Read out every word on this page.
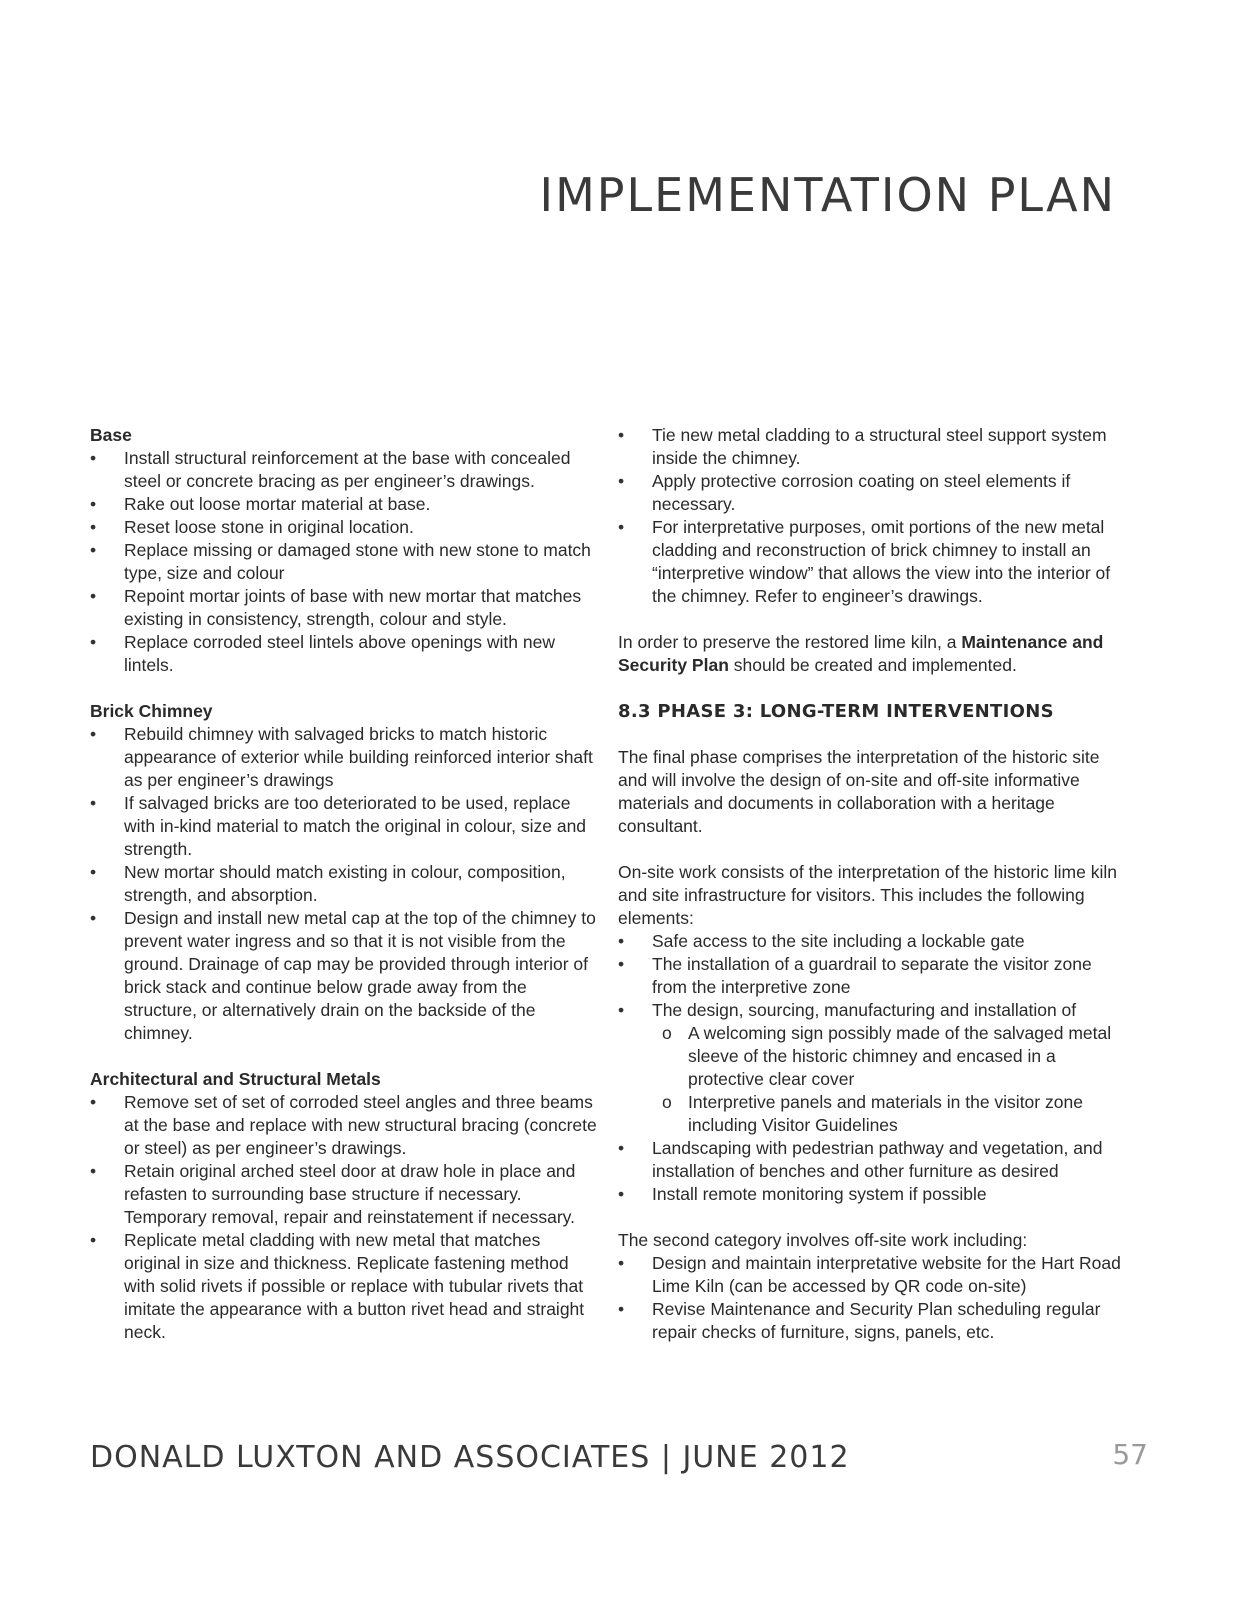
IMPLEMENTATION PLAN

Base

• Install structural reinforcement at the base with concealed steel or concrete bracing as per engineer’s drawings.
• Rake out loose mortar material at base.
• Reset loose stone in original location.
• Replace missing or damaged stone with new stone to match type, size and colour
• Repoint mortar joints of base with new mortar that matches existing in consistency, strength, colour and style.
• Replace corroded steel lintels above openings with new lintels.

Brick Chimney

• Rebuild chimney with salvaged bricks to match historic appearance of exterior while building reinforced interior shaft as per engineer’s drawings
• If salvaged bricks are too deteriorated to be used, replace with in-kind material to match the original in colour, size and strength.
• New mortar should match existing in colour, composition, strength, and absorption.
• Design and install new metal cap at the top of the chimney to prevent water ingress and so that it is not visible from the ground. Drainage of cap may be provided through interior of brick stack and continue below grade away from the structure, or alternatively drain on the backside of the chimney.

Architectural and Structural Metals

• Remove set of set of corroded steel angles and three beams at the base and replace with new structural bracing (concrete or steel) as per engineer’s drawings.
• Retain original arched steel door at draw hole in place and refasten to surrounding base structure if necessary. Temporary removal, repair and reinstatement if necessary.
• Replicate metal cladding with new metal that matches original in size and thickness. Replicate fastening method with solid rivets if possible or replace with tubular rivets that imitate the appearance with a button rivet head and straight neck.
• Tie new metal cladding to a structural steel support system inside the chimney.
• Apply protective corrosion coating on steel elements if necessary.
• For interpretative purposes, omit portions of the new metal cladding and reconstruction of brick chimney to install an “interpretive window” that allows the view into the interior of the chimney. Refer to engineer’s drawings.

In order to preserve the restored lime kiln, a Maintenance and Security Plan should be created and implemented.

8.3 PHASE 3: LONG-TERM INTERVENTIONS

The final phase comprises the interpretation of the historic site and will involve the design of on-site and off-site informative materials and documents in collaboration with a heritage consultant.

On-site work consists of the interpretation of the historic lime kiln and site infrastructure for visitors. This includes the following elements:

• Safe access to the site including a lockable gate
• The installation of a guardrail to separate the visitor zone from the interpretive zone
• The design, sourcing, manufacturing and installation of
o A welcoming sign possibly made of the salvaged metal sleeve of the historic chimney and encased in a protective clear cover
o Interpretive panels and materials in the visitor zone including Visitor Guidelines
• Landscaping with pedestrian pathway and vegetation, and installation of benches and other furniture as desired
• Install remote monitoring system if possible

The second category involves off-site work including:

• Design and maintain interpretative website for the Hart Road Lime Kiln (can be accessed by QR code on-site)
• Revise Maintenance and Security Plan scheduling regular repair checks of furniture, signs, panels, etc.
DONALD LUXTON AND ASSOCIATES | JUNE 2012	57
